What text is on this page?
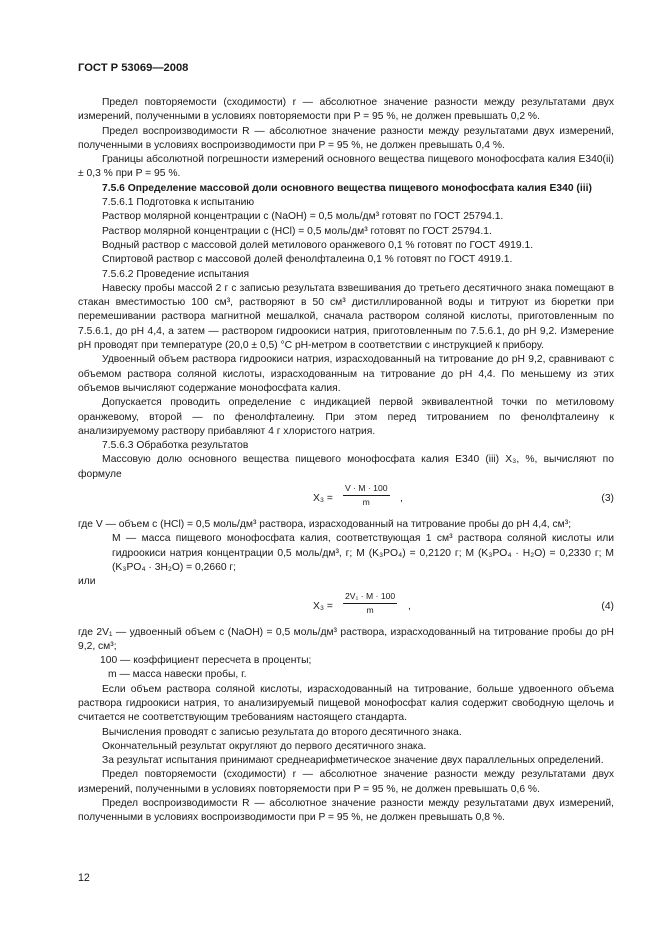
ГОСТ Р 53069—2008

Предел повторяемости (сходимости) r — абсолютное значение разности между результатами двух измерений, полученными в условиях повторяемости при P = 95 %, не должен превышать 0,2 %.

Предел воспроизводимости R — абсолютное значение разности между результатами двух измерений, полученными в условиях воспроизводимости при P = 95 %, не должен превышать 0,4 %.

Границы абсолютной погрешности измерений основного вещества пищевого монофосфата калия Е340(ii) ± 0,3 % при P = 95 %.

7.5.6 Определение массовой доли основного вещества пищевого монофосфата калия Е340 (iii)

7.5.6.1 Подготовка к испытанию

Раствор молярной концентрации c (NaOH) = 0,5 моль/дм³ готовят по ГОСТ 25794.1.

Раствор молярной концентрации c (HCl) = 0,5 моль/дм³ готовят по ГОСТ 25794.1.

Водный раствор с массовой долей метилового оранжевого 0,1 % готовят по ГОСТ 4919.1.

Спиртовой раствор с массовой долей фенолфталеина 0,1 % готовят по ГОСТ 4919.1.

7.5.6.2 Проведение испытания

Навеску пробы массой 2 г с записью результата взвешивания до третьего десятичного знака помещают в стакан вместимостью 100 см³, растворяют в 50 см³ дистиллированной воды и титруют из бюретки при перемешивании раствора магнитной мешалкой, сначала раствором соляной кислоты, приготовленным по 7.5.6.1, до pH 4,4, а затем — раствором гидроокиси натрия, приготовленным по 7.5.6.1, до pH 9,2. Измерение pH проводят при температуре (20,0 ± 0,5) °С pH-метром в соответствии с инструкцией к прибору.

Удвоенный объем раствора гидроокиси натрия, израсходованный на титрование до pH 9,2, сравнивают с объемом раствора соляной кислоты, израсходованным на титрование до pH 4,4. По меньшему из этих объемов вычисляют содержание монофосфата калия.

Допускается проводить определение с индикацией первой эквивалентной точки по метиловому оранжевому, второй — по фенолфталеину. При этом перед титрованием по фенолфталеину к анализируемому раствору прибавляют 4 г хлористого натрия.

7.5.6.3 Обработка результатов

Массовую долю основного вещества пищевого монофосфата калия Е340 (iii) X₃, %, вычисляют по формуле

X₃ =
V · M · 100
m	,	(3)

где V — объем c (HCl) = 0,5 моль/дм³ раствора, израсходованный на титрование пробы до pH 4,4, см³;

M — масса пищевого монофосфата калия, соответствующая 1 см³ раствора соляной кислоты или гидроокиси натрия концентрации 0,5 моль/дм³, г; M (K₃PO₄) = 0,2120 г; M (K₃PO₄ · H₂O) = 0,2330 г; M (K₃PO₄ · 3H₂O) = 0,2660 г;

или

X₃ =
2V₁ · M · 100
m	,	(4)

где 2V₁ — удвоенный объем c (NaOH) = 0,5 моль/дм³ раствора, израсходованный на титрование пробы до pH 9,2, см³;

100 — коэффициент пересчета в проценты;

m — масса навески пробы, г.

Если объем раствора соляной кислоты, израсходованный на титрование, больше удвоенного объема раствора гидроокиси натрия, то анализируемый пищевой монофосфат калия содержит свободную щелочь и считается не соответствующим требованиям настоящего стандарта.

Вычисления проводят с записью результата до второго десятичного знака.

Окончательный результат округляют до первого десятичного знака.

За результат испытания принимают среднеарифметическое значение двух параллельных определений.

Предел повторяемости (сходимости) r — абсолютное значение разности между результатами двух измерений, полученными в условиях повторяемости при P = 95 %, не должен превышать 0,6 %.

Предел воспроизводимости R — абсолютное значение разности между результатами двух измерений, полученными в условиях воспроизводимости при P = 95 %, не должен превышать 0,8 %.

12
